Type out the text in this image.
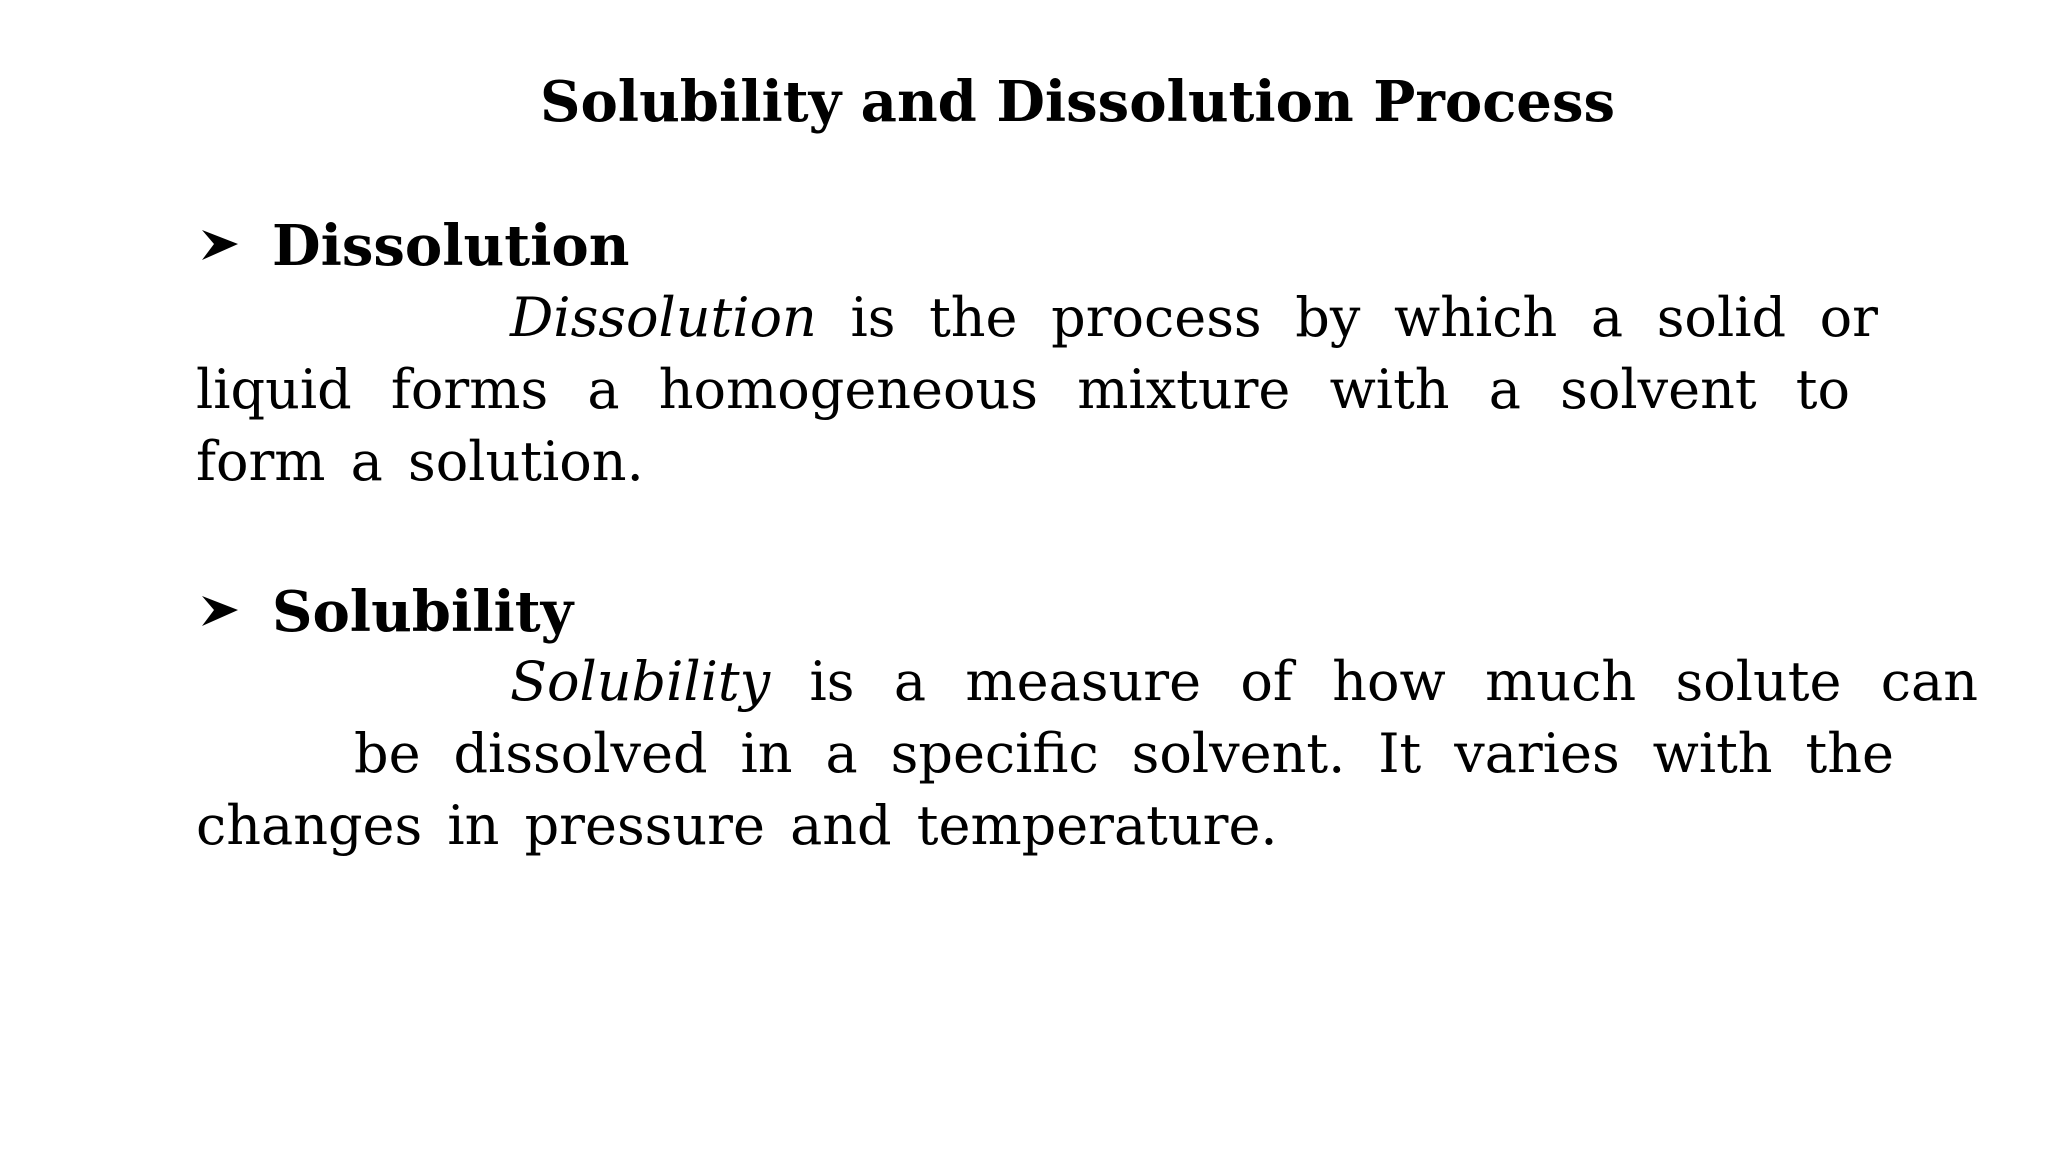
Solubility and Dissolution Process
Dissolution
Dissolution is the process by which a solid or
liquid forms a homogeneous mixture with a solvent to
form a solution.
Solubility
Solubility is a measure of how much solute can
be dissolved in a specific solvent. It varies with the
changes in pressure and temperature.
